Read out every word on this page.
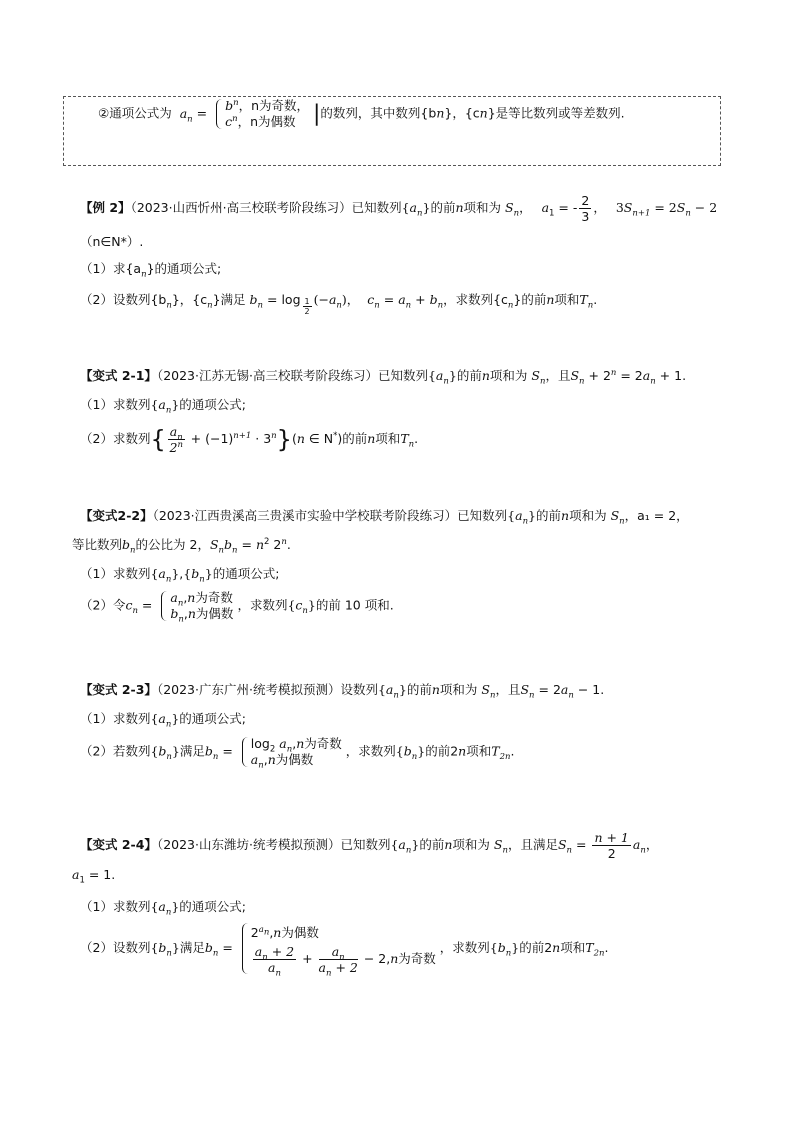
②通项公式为 $a_n = b^n$，n为奇数，
$c^n$，n为偶数 |的数列，其中数列{bn}，{cn}是等比数列或等差数列.
【例 2】（2023·山西忻州·高三校联考阶段练习）已知数列$\{a_n\}$的前n项和为 $S_n$， $a_1$ = - $\frac{2}{3}$ ， $3S_{n+1} = 2S_n - 2$
（n∈N*）.
（1）求$\{a_n\}$的通项公式;
（2）设数列$\{b_n\}$，$\{c_n\}$满足 $b_n = \log \frac{1}{2} (-a_n)$， $c_n = a_n + b_n$，求数列$\{c_n\}$的前n项和$T_n$.
【变式 2-1】（2023·江苏无锡·高三校联考阶段练习）已知数列$\{a_n\}$的前n项和为 $S_n$，且$S_n + 2^n = 2a_n + 1$.
（1）求数列$\{a_n\}$的通项公式;
（2）求数列{ $\frac{a_n}{2^n} + (-1)^{n+1} \cdot 3^n\}(n$ ∈ N*)的前n项和$T_n$.
【变式2-2】（2023·江西贵溪高三贵溪市实验中学校联考阶段练习）已知数列$\{a_n\}$的前n项和为 $S_n$，a₁ = 2，
等比数列$b_n$的公比为 2，$S_nb_n = n^2$ 2$^n$.
（1）求数列$\{a_n\},\{b_n\}$的通项公式;
（2）令$c_n = a_n,n$为奇数
$b_n,n$为偶数
，求数列$\{c_n\}$的前 10 项和.
【变式 2-3】（2023·广东广州·统考模拟预测）设数列$\{a_n\}$的前n项和为 $S_n$，且$S_n = 2a_n - 1$.
（1）求数列$\{a_n\}$的通项公式;
（2）若数列$\{b_n\}$满足$b_n = \log_2 a_n,n$为奇数
$a_n,n$为偶数
，求数列$\{b_n\}$的前2n项和$T_{2n}$.
【变式 2-4】（2023·山东潍坊·统考模拟预测）已知数列$\{a_n\}$的前n项和为 $S_n$，且满足$S_n = \frac{n + 1}{2} a_n$，
$a_1 = 1$.
（1）求数列$\{a_n\}$的通项公式;
（2）设数列$\{b_n\}$满足$b_n$ =
$2^{a_n},n$为偶数
$\frac{a_n + 2}{a_n} + \frac{a_n}{a_n + 2} - 2,n$为奇数
，求数列$\{b_n\}$的前2n项和$T_{2n}$.
